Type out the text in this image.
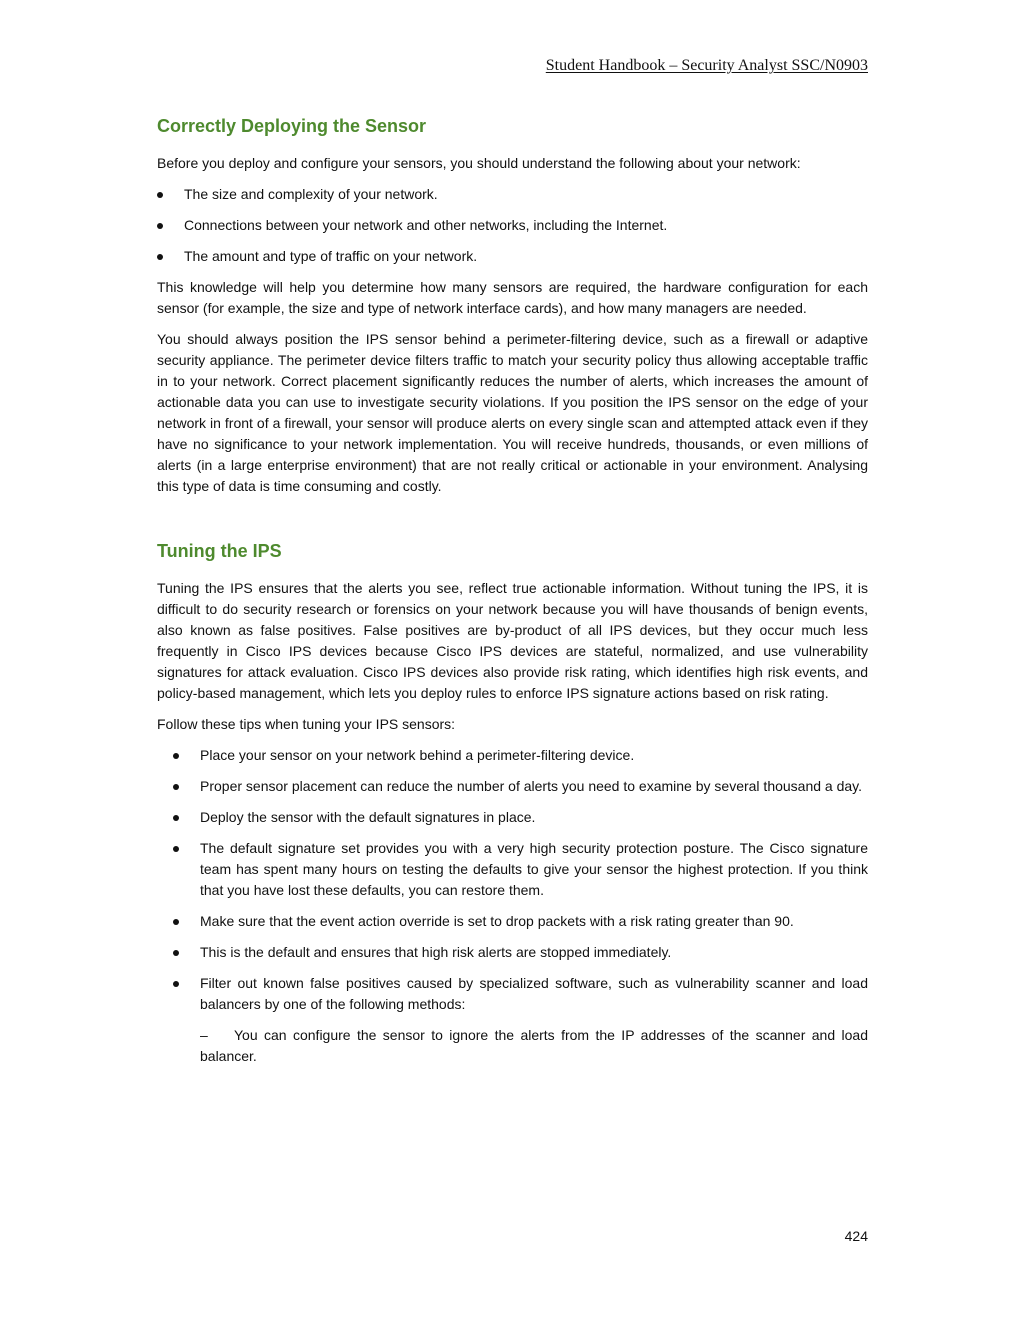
Student Handbook – Security Analyst SSC/N0903
Correctly Deploying the Sensor

Before you deploy and configure your sensors, you should understand the following about your network:

The size and complexity of your network.
Connections between your network and other networks, including the Internet.
The amount and type of traffic on your network.

This knowledge will help you determine how many sensors are required, the hardware configuration for each sensor (for example, the size and type of network interface cards), and how many managers are needed.

You should always position the IPS sensor behind a perimeter-filtering device, such as a firewall or adaptive security appliance. The perimeter device filters traffic to match your security policy thus allowing acceptable traffic in to your network. Correct placement significantly reduces the number of alerts, which increases the amount of actionable data you can use to investigate security violations. If you position the IPS sensor on the edge of your network in front of a firewall, your sensor will produce alerts on every single scan and attempted attack even if they have no significance to your network implementation. You will receive hundreds, thousands, or even millions of alerts (in a large enterprise environment) that are not really critical or actionable in your environment. Analysing this type of data is time consuming and costly.

Tuning the IPS

Tuning the IPS ensures that the alerts you see, reflect true actionable information. Without tuning the IPS, it is difficult to do security research or forensics on your network because you will have thousands of benign events, also known as false positives. False positives are by-product of all IPS devices, but they occur much less frequently in Cisco IPS devices because Cisco IPS devices are stateful, normalized, and use vulnerability signatures for attack evaluation. Cisco IPS devices also provide risk rating, which identifies high risk events, and policy-based management, which lets you deploy rules to enforce IPS signature actions based on risk rating.

Follow these tips when tuning your IPS sensors:

Place your sensor on your network behind a perimeter-filtering device.
Proper sensor placement can reduce the number of alerts you need to examine by several thousand a day.
Deploy the sensor with the default signatures in place.
The default signature set provides you with a very high security protection posture. The Cisco signature team has spent many hours on testing the defaults to give your sensor the highest protection. If you think that you have lost these defaults, you can restore them.
Make sure that the event action override is set to drop packets with a risk rating greater than 90.
This is the default and ensures that high risk alerts are stopped immediately.
Filter out known false positives caused by specialized software, such as vulnerability scanner and load balancers by one of the following methods:
– You can configure the sensor to ignore the alerts from the IP addresses of the scanner and load balancer.
424
